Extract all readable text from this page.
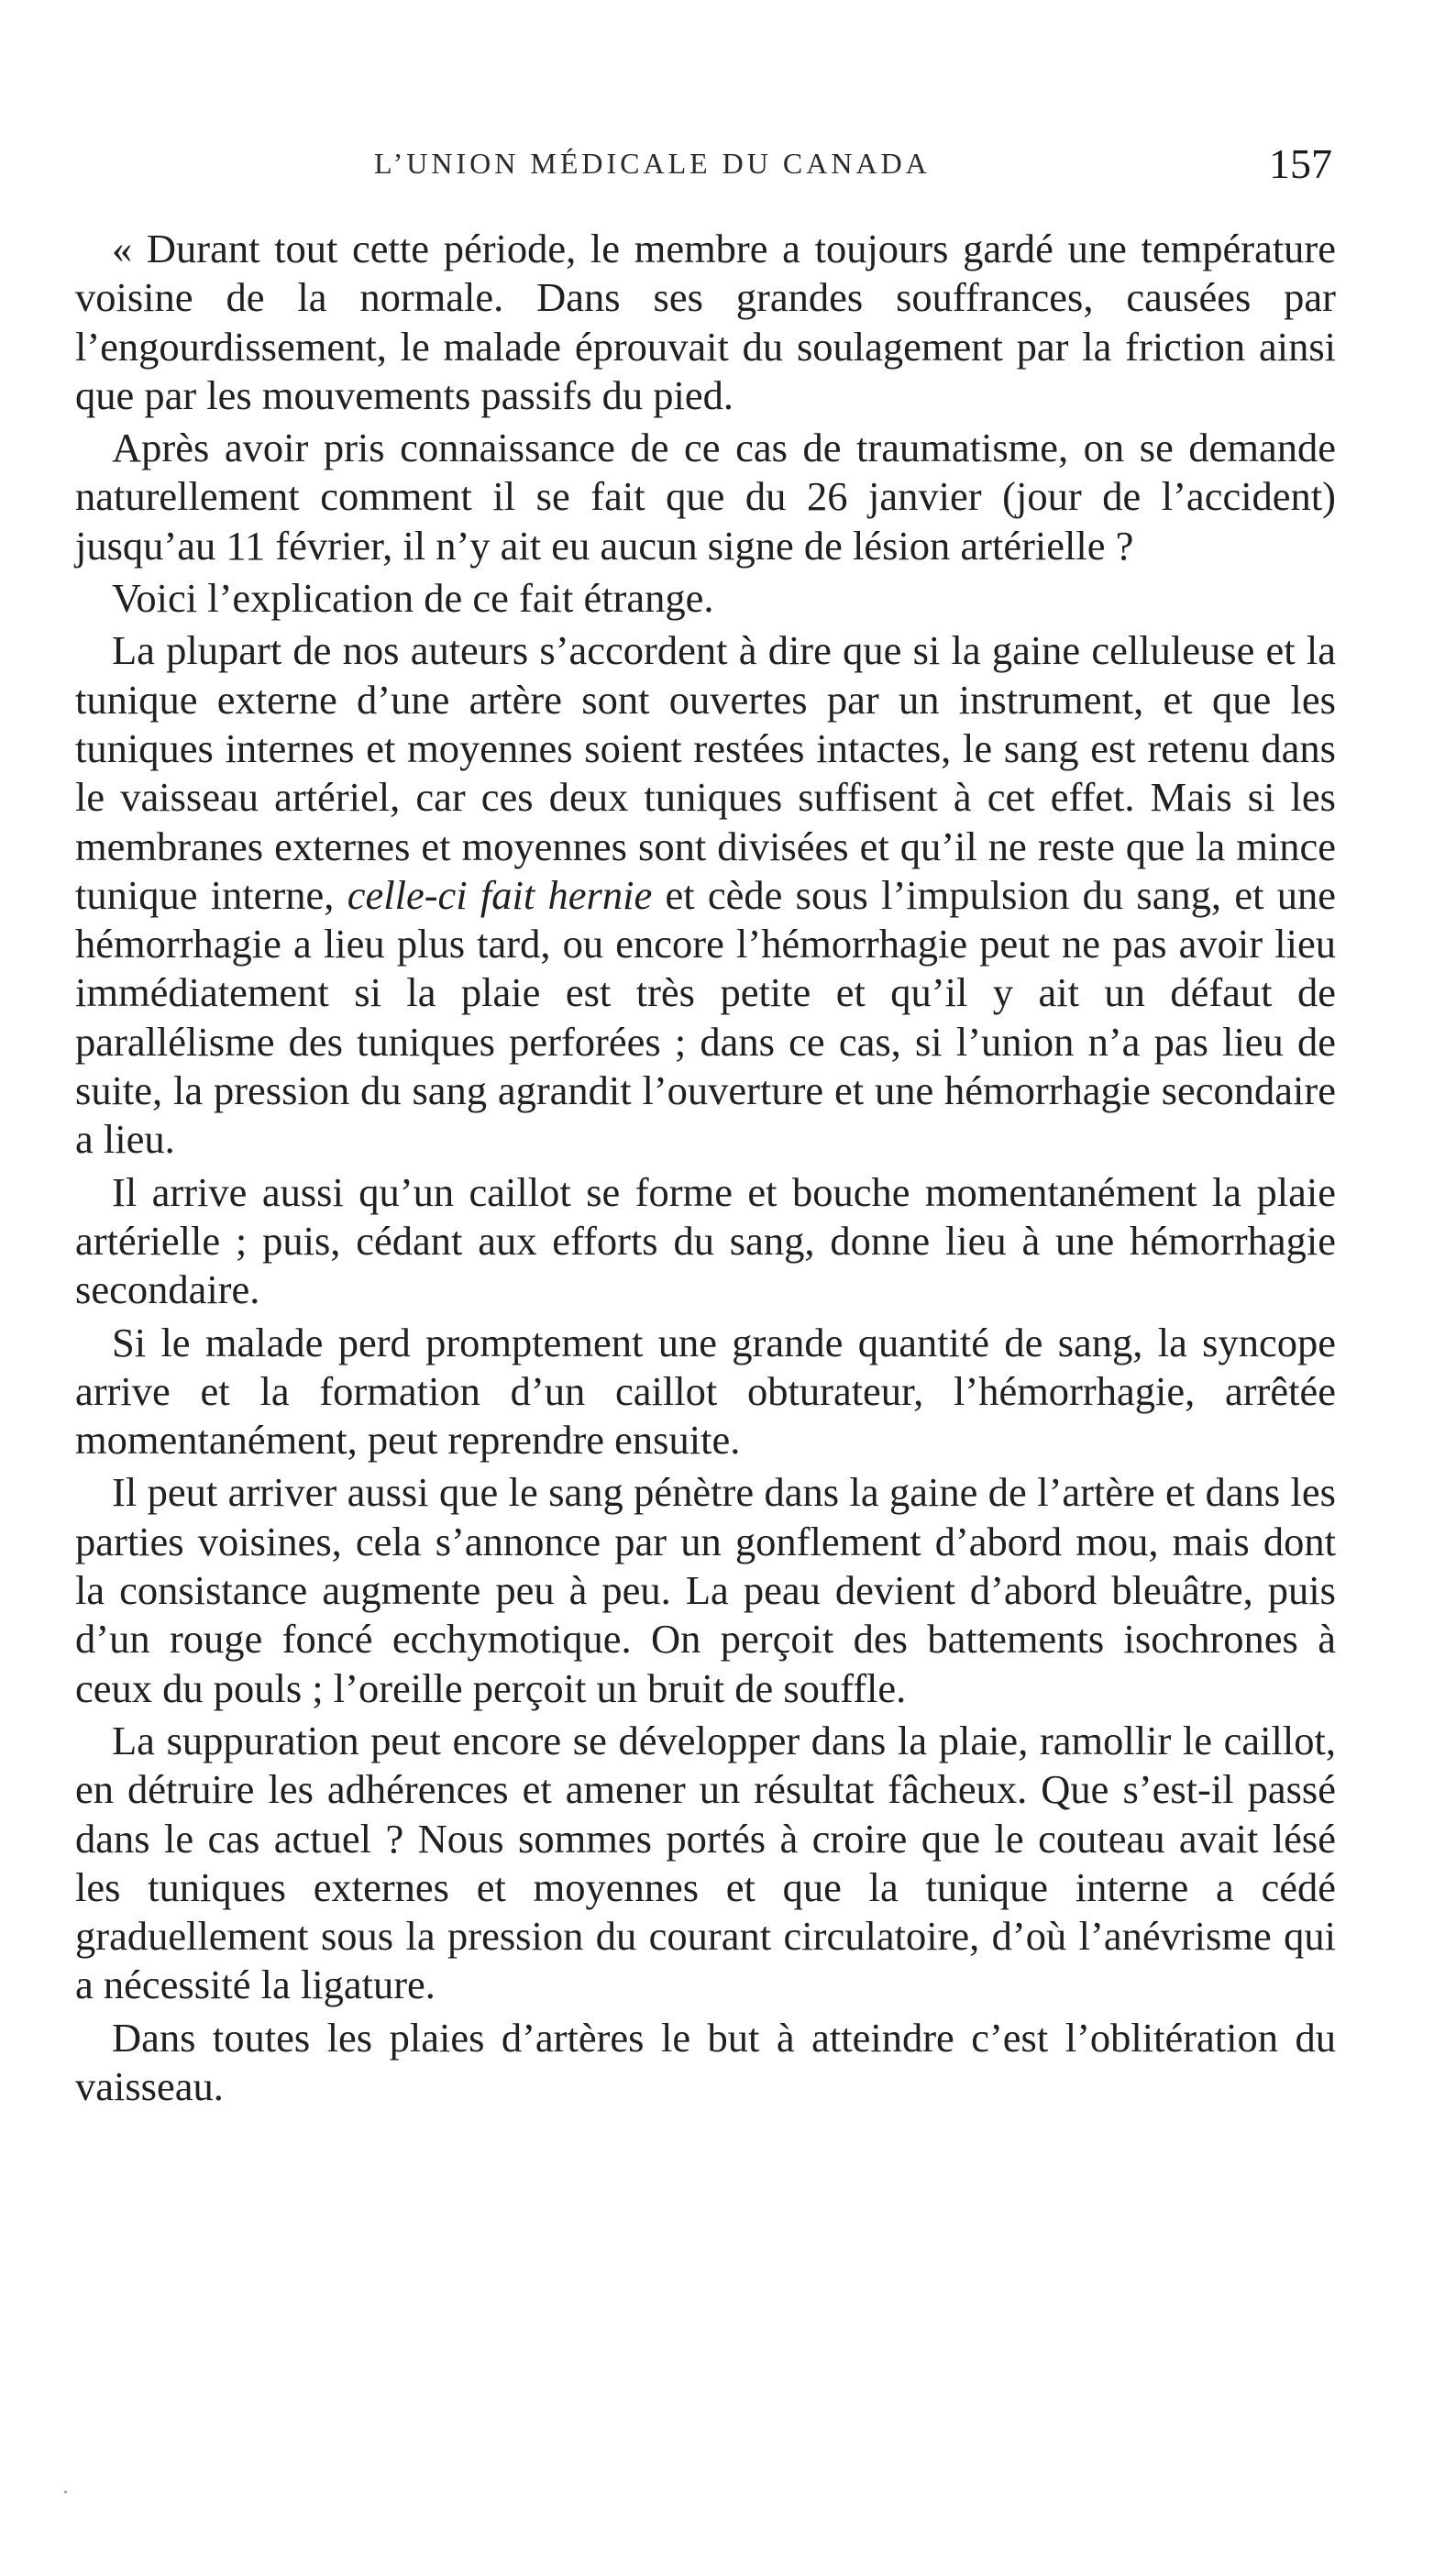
L’UNION MÉDICALE DU CANADA	157

« Durant tout cette période, le membre a toujours gardé une température voisine de la normale. Dans ses grandes souffrances, causées par l’engourdissement, le malade éprouvait du soulagement par la friction ainsi que par les mouvements passifs du pied.

Après avoir pris connaissance de ce cas de traumatisme, on se demande naturellement comment il se fait que du 26 janvier (jour de l’accident) jusqu’au 11 février, il n’y ait eu aucun signe de lésion artérielle ?

Voici l’explication de ce fait étrange.

La plupart de nos auteurs s’accordent à dire que si la gaine celluleuse et la tunique externe d’une artère sont ouvertes par un instrument, et que les tuniques internes et moyennes soient restées intactes, le sang est retenu dans le vaisseau artériel, car ces deux tuniques suffisent à cet effet. Mais si les membranes externes et moyennes sont divisées et qu’il ne reste que la mince tunique interne, celle-ci fait hernie et cède sous l’impulsion du sang, et une hémorrhagie a lieu plus tard, ou encore l’hémorrhagie peut ne pas avoir lieu immédiatement si la plaie est très petite et qu’il y ait un défaut de parallélisme des tuniques perforées ; dans ce cas, si l’union n’a pas lieu de suite, la pression du sang agrandit l’ouverture et une hémorrhagie secondaire a lieu.

Il arrive aussi qu’un caillot se forme et bouche momentanément la plaie artérielle ; puis, cédant aux efforts du sang, donne lieu à une hémorrhagie secondaire.

Si le malade perd promptement une grande quantité de sang, la syncope arrive et la formation d’un caillot obturateur, l’hémorrhagie, arrêtée momentanément, peut reprendre ensuite.

Il peut arriver aussi que le sang pénètre dans la gaine de l’artère et dans les parties voisines, cela s’annonce par un gonflement d’abord mou, mais dont la consistance augmente peu à peu. La peau devient d’abord bleuâtre, puis d’un rouge foncé ecchymotique. On perçoit des battements isochrones à ceux du pouls ; l’oreille perçoit un bruit de souffle.

La suppuration peut encore se développer dans la plaie, ramollir le caillot, en détruire les adhérences et amener un résultat fâcheux. Que s’est-il passé dans le cas actuel ? Nous sommes portés à croire que le couteau avait lésé les tuniques externes et moyennes et que la tunique interne a cédé graduellement sous la pression du courant circulatoire, d’où l’anévrisme qui a nécessité la ligature.

Dans toutes les plaies d’artères le but à atteindre c’est l’oblitération du vaisseau.
